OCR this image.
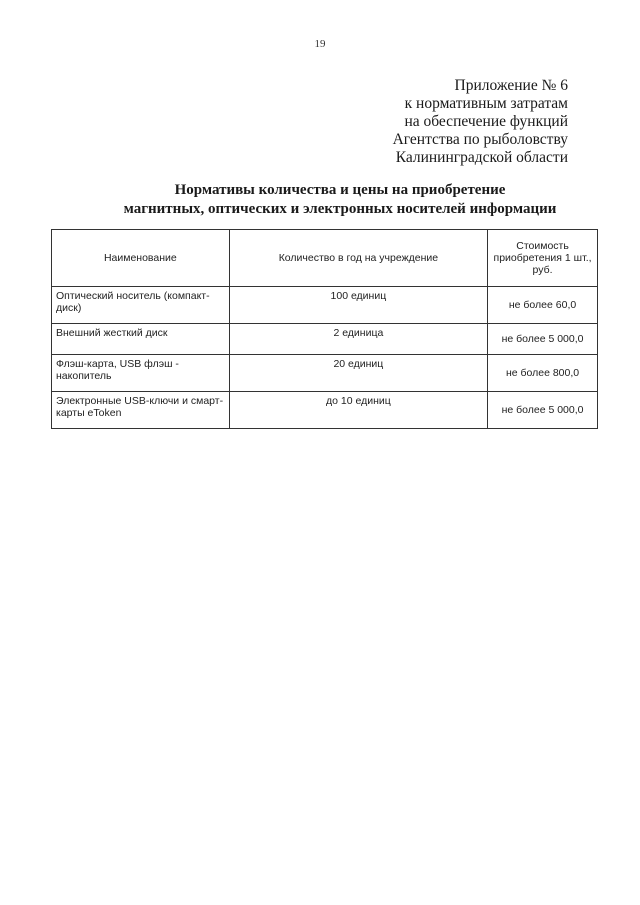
19
Приложение № 6
к нормативным затратам
на обеспечение функций
Агентства по рыболовству
Калининградской области
Нормативы количества и цены на приобретение
магнитных, оптических и электронных носителей информации
Наименование	Количество в год на учреждение	Стоимость приобретения 1 шт., руб.
Оптический носитель (компакт-диск)	100 единиц	не более 60,0
Внешний жесткий диск	2 единица	не более 5 000,0
Флэш-карта, USB флэш - накопитель	20 единиц	не более 800,0
Электронные USB-ключи и смарт-карты eToken	до 10 единиц	не более 5 000,0
